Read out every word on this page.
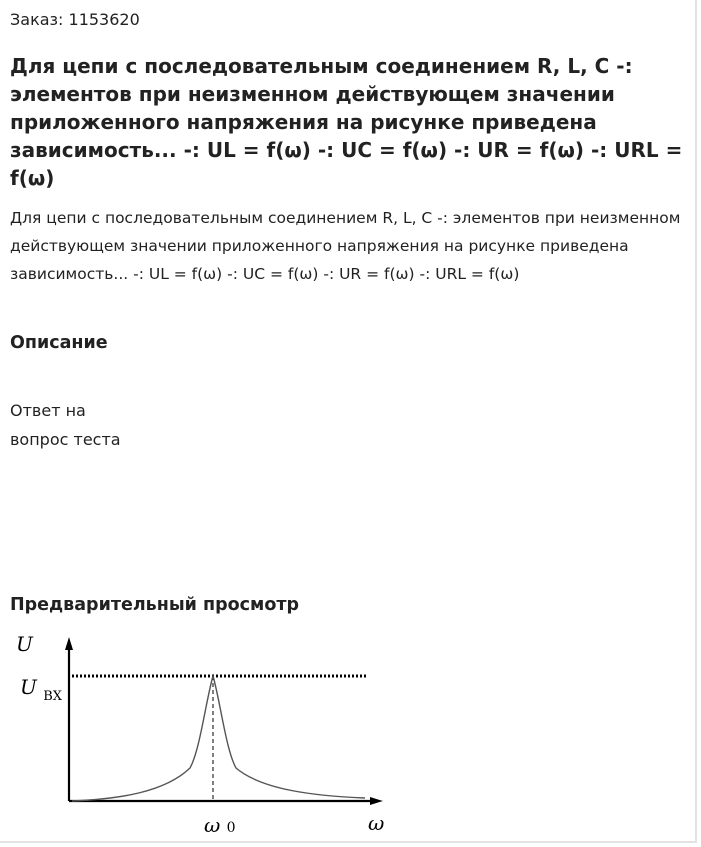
Заказ: 1153620
Для цепи с последовательным соединением R, L, C -: элементов при неизменном действующем значении приложенного напряжения на рисунке приведена зависимость... -: UL = f(ω) -: UC = f(ω) -: UR = f(ω) -: URL = f(ω)

Для цепи с последовательным соединением R, L, C -: элементов при неизменном действующем значении приложенного напряжения на рисунке приведена зависимость... -: UL = f(ω) -: UC = f(ω) -: UR = f(ω) -: URL = f(ω)

Описание
Ответ на
вопрос теста
Предварительный просмотр
U
U $_{ВХ}$
ω 0	ω
